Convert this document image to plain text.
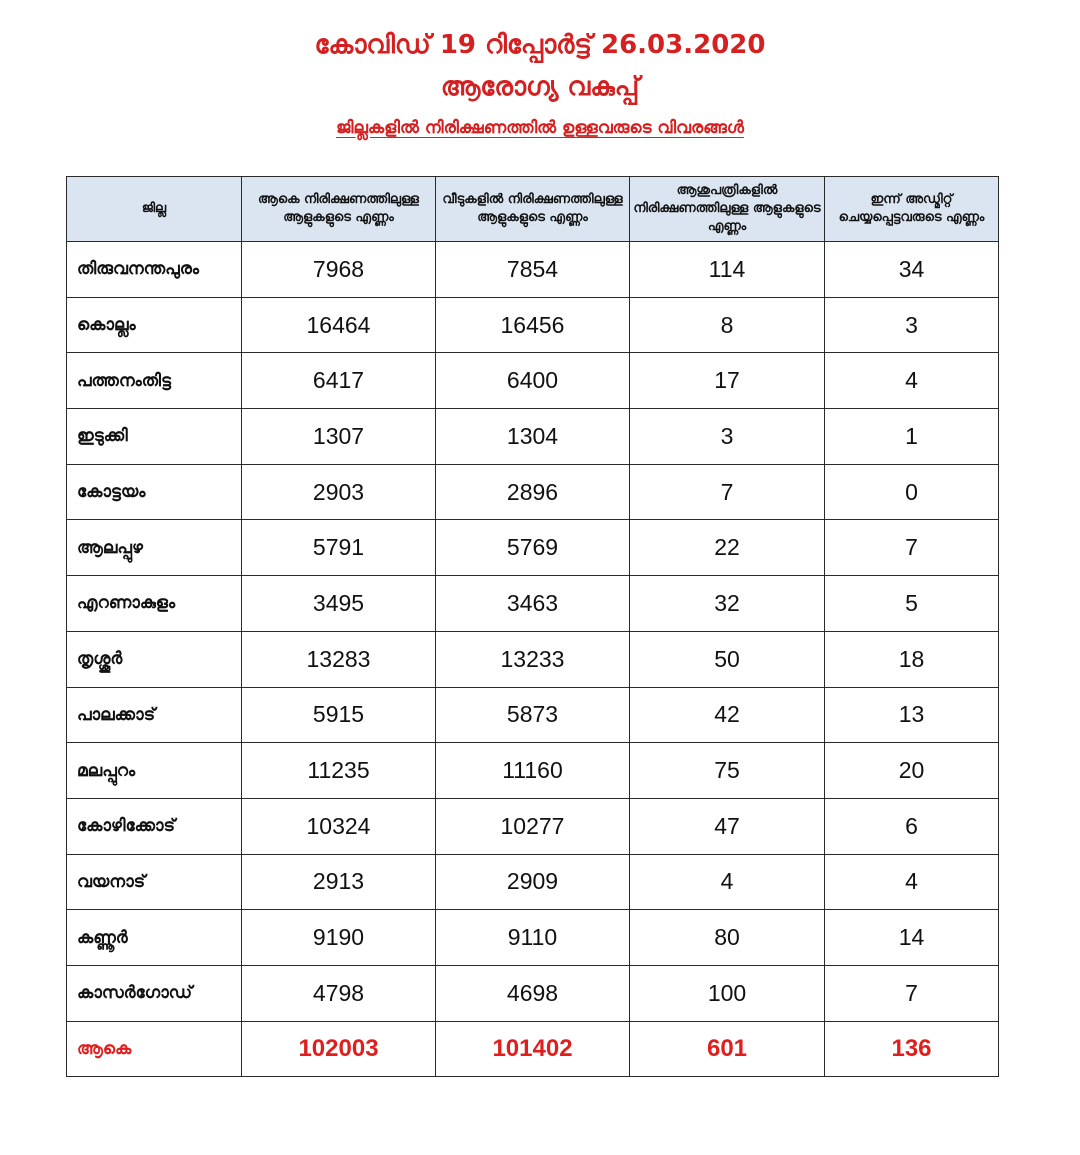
കോവിഡ് 19 റിപ്പോർട്ട് 26.03.2020
ആരോഗ്യ വകുപ്പ്
ജില്ലകളിൽ നിരിക്ഷണത്തിൽ ഉള്ളവരുടെ വിവരങ്ങൾ
ജില്ല	ആകെ നിരിക്ഷണത്തിലുള്ള ആളുകളുടെ എണ്ണം	വീടുകളിൽ നിരിക്ഷണത്തിലുള്ള ആളുകളുടെ എണ്ണം	ആശുപത്രികളിൽ നിരിക്ഷണത്തിലുള്ള ആളുകളുടെ എണ്ണം	ഇന്ന് അഡ്മിറ്റ് ചെയ്യപ്പെട്ടവരുടെ എണ്ണം
തിരുവനന്തപുരം	7968	7854	114	34
കൊല്ലം	16464	16456	8	3
പത്തനംതിട്ട	6417	6400	17	4
ഇടുക്കി	1307	1304	3	1
കോട്ടയം	2903	2896	7	0
ആലപ്പുഴ	5791	5769	22	7
എറണാകുളം	3495	3463	32	5
തൃശ്ശൂർ	13283	13233	50	18
പാലക്കാട്	5915	5873	42	13
മലപ്പുറം	11235	11160	75	20
കോഴിക്കോട്	10324	10277	47	6
വയനാട്	2913	2909	4	4
കണ്ണൂർ	9190	9110	80	14
കാസർഗോഡ്	4798	4698	100	7
ആകെ	102003	101402	601	136
